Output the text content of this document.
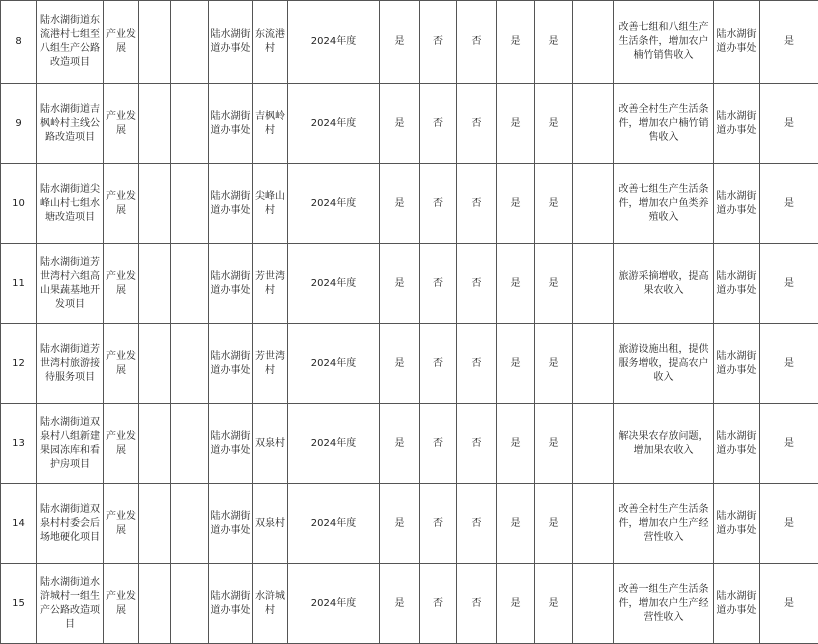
8	陆水湖街道东流港村七组至八组生产公路改造项目	产业发展			陆水湖街道办事处	东流港村	2024年度	是	否	否	是	是		改善七组和八组生产生活条件，增加农户楠竹销售收入	陆水湖街道办事处	是
9	陆水湖街道吉枫岭村主线公路改造项目	产业发展			陆水湖街道办事处	吉枫岭村	2024年度	是	否	否	是	是		改善全村生产生活条件，增加农户楠竹销售收入	陆水湖街道办事处	是
10	陆水湖街道尖峰山村七组水塘改造项目	产业发展			陆水湖街道办事处	尖峰山村	2024年度	是	否	否	是	是		改善七组生产生活条件，增加农户鱼类养殖收入	陆水湖街道办事处	是
11	陆水湖街道芳世湾村六组高山果蔬基地开发项目	产业发展			陆水湖街道办事处	芳世湾村	2024年度	是	否	否	是	是		旅游采摘增收，提高果农收入	陆水湖街道办事处	是
12	陆水湖街道芳世湾村旅游接待服务项目	产业发展			陆水湖街道办事处	芳世湾村	2024年度	是	否	否	是	是		旅游设施出租，提供服务增收，提高农户收入	陆水湖街道办事处	是
13	陆水湖街道双泉村八组新建果园冻库和看护房项目	产业发展			陆水湖街道办事处	双泉村	2024年度	是	否	否	是	是		解决果农存放问题，增加果农收入	陆水湖街道办事处	是
14	陆水湖街道双泉村村委会后场地硬化项目	产业发展			陆水湖街道办事处	双泉村	2024年度	是	否	否	是	是		改善全村生产生活条件，增加农户生产经营性收入	陆水湖街道办事处	是
15	陆水湖街道水浒城村一组生产公路改造项目	产业发展			陆水湖街道办事处	水浒城村	2024年度	是	否	否	是	是		改善一组生产生活条件，增加农户生产经营性收入	陆水湖街道办事处	是
